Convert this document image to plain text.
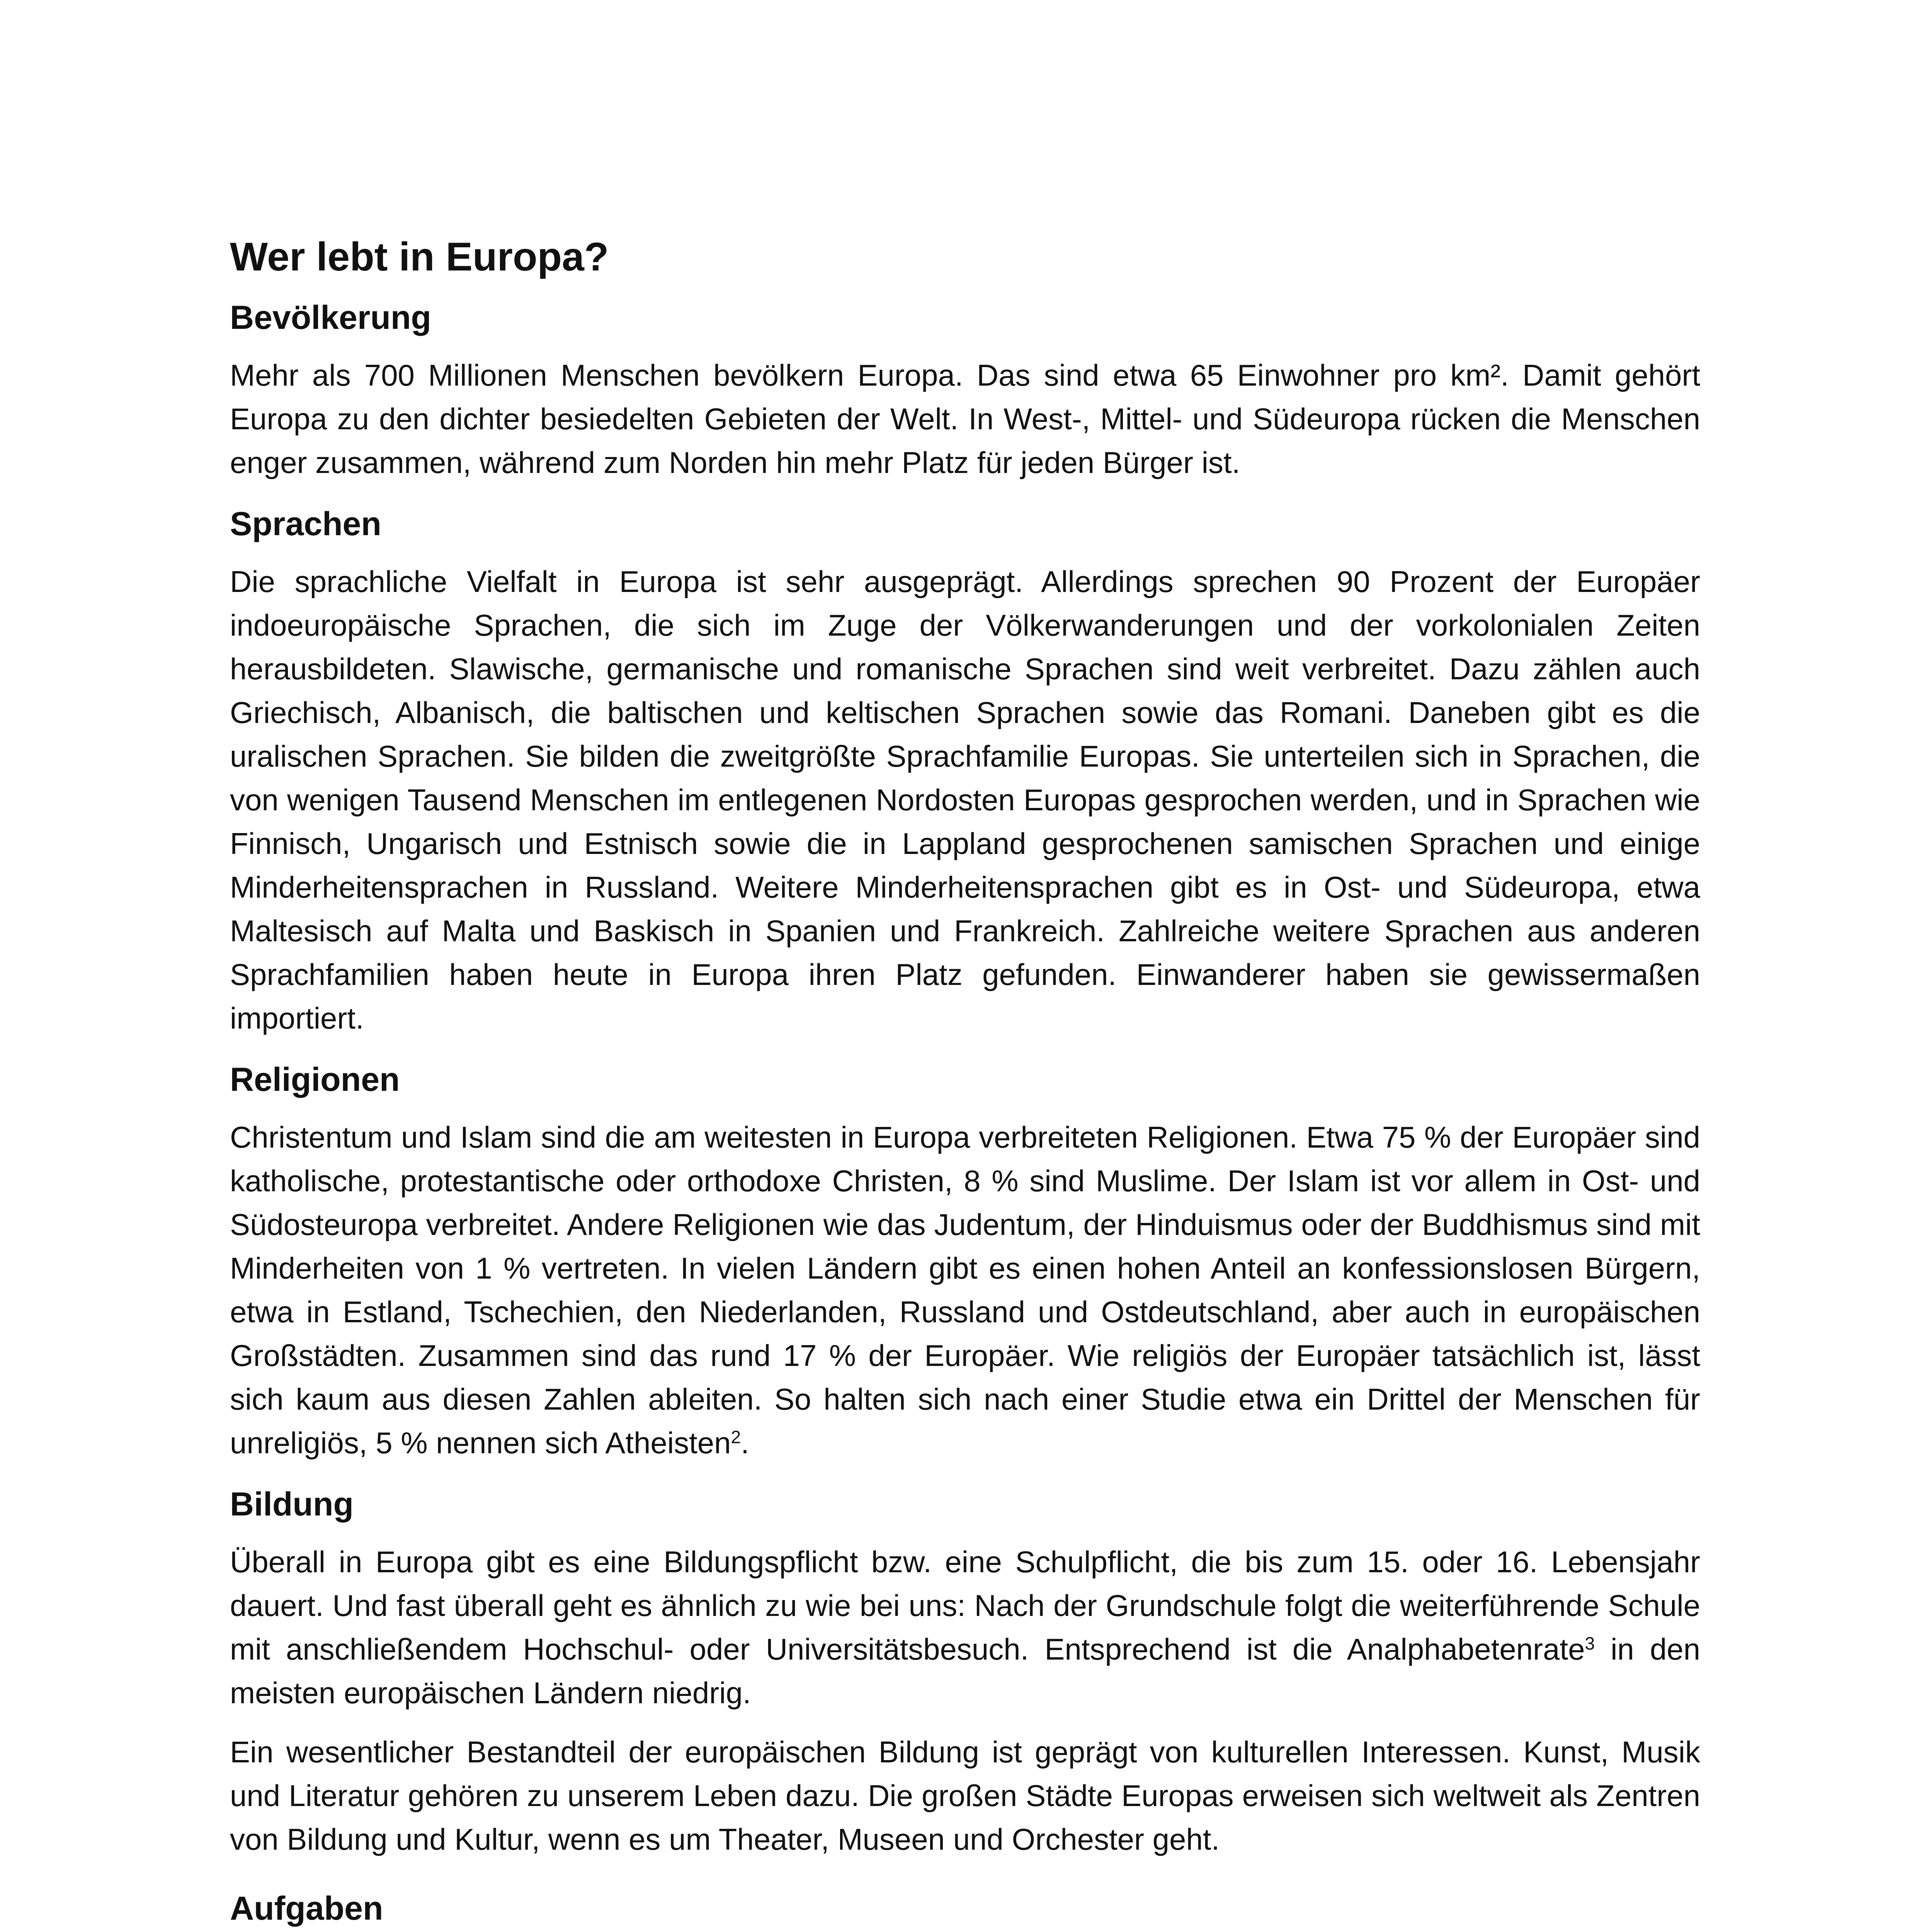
Wer lebt in Europa?
Bevölkerung

Mehr als 700 Millionen Menschen bevölkern Europa. Das sind etwa 65 Einwohner pro km². Damit gehört Europa zu den dichter besiedelten Gebieten der Welt. In West-, Mittel- und Südeuropa rücken die Menschen enger zusammen, während zum Norden hin mehr Platz für jeden Bürger ist.

Sprachen

Die sprachliche Vielfalt in Europa ist sehr ausgeprägt. Allerdings sprechen 90 Prozent der Europäer indoeuropäische Sprachen, die sich im Zuge der Völkerwanderungen und der vorkolonialen Zeiten herausbildeten. Slawische, germanische und romanische Sprachen sind weit verbreitet. Dazu zählen auch Griechisch, Albanisch, die baltischen und keltischen Sprachen sowie das Romani. Daneben gibt es die uralischen Sprachen. Sie bilden die zweitgrößte Sprachfamilie Europas. Sie unterteilen sich in Sprachen, die von wenigen Tausend Menschen im entlegenen Nordosten Europas gesprochen werden, und in Sprachen wie Finnisch, Ungarisch und Estnisch sowie die in Lappland gesprochenen samischen Sprachen und einige Minderheitensprachen in Russland. Weitere Minderheitensprachen gibt es in Ost- und Südeuropa, etwa Maltesisch auf Malta und Baskisch in Spanien und Frankreich. Zahlreiche weitere Sprachen aus anderen Sprachfamilien haben heute in Europa ihren Platz gefunden. Einwanderer haben sie gewissermaßen importiert.

Religionen

Christentum und Islam sind die am weitesten in Europa verbreiteten Religionen. Etwa 75 % der Europäer sind katholische, protestantische oder orthodoxe Christen, 8 % sind Muslime. Der Islam ist vor allem in Ost- und Südosteuropa verbreitet. Andere Religionen wie das Judentum, der Hinduismus oder der Buddhismus sind mit Minderheiten von 1 % vertreten. In vielen Ländern gibt es einen hohen Anteil an konfessionslosen Bürgern, etwa in Estland, Tschechien, den Niederlanden, Russland und Ostdeutschland, aber auch in europäischen Großstädten. Zusammen sind das rund 17 % der Europäer. Wie religiös der Europäer tatsächlich ist, lässt sich kaum aus diesen Zahlen ableiten. So halten sich nach einer Studie etwa ein Drittel der Menschen für unreligiös, 5 % nennen sich Atheisten$^2$.

Bildung

Überall in Europa gibt es eine Bildungspflicht bzw. eine Schulpflicht, die bis zum 15. oder 16. Lebensjahr dauert. Und fast überall geht es ähnlich zu wie bei uns: Nach der Grundschule folgt die weiterführende Schule mit anschließendem Hochschul- oder Universitätsbesuch. Entsprechend ist die Analphabetenrate$^3$ in den meisten europäischen Ländern niedrig.

Ein wesentlicher Bestandteil der europäischen Bildung ist geprägt von kulturellen Interessen. Kunst, Musik und Literatur gehören zu unserem Leben dazu. Die großen Städte Europas erweisen sich weltweit als Zentren von Bildung und Kultur, wenn es um Theater, Museen und Orchester geht.

Aufgaben
